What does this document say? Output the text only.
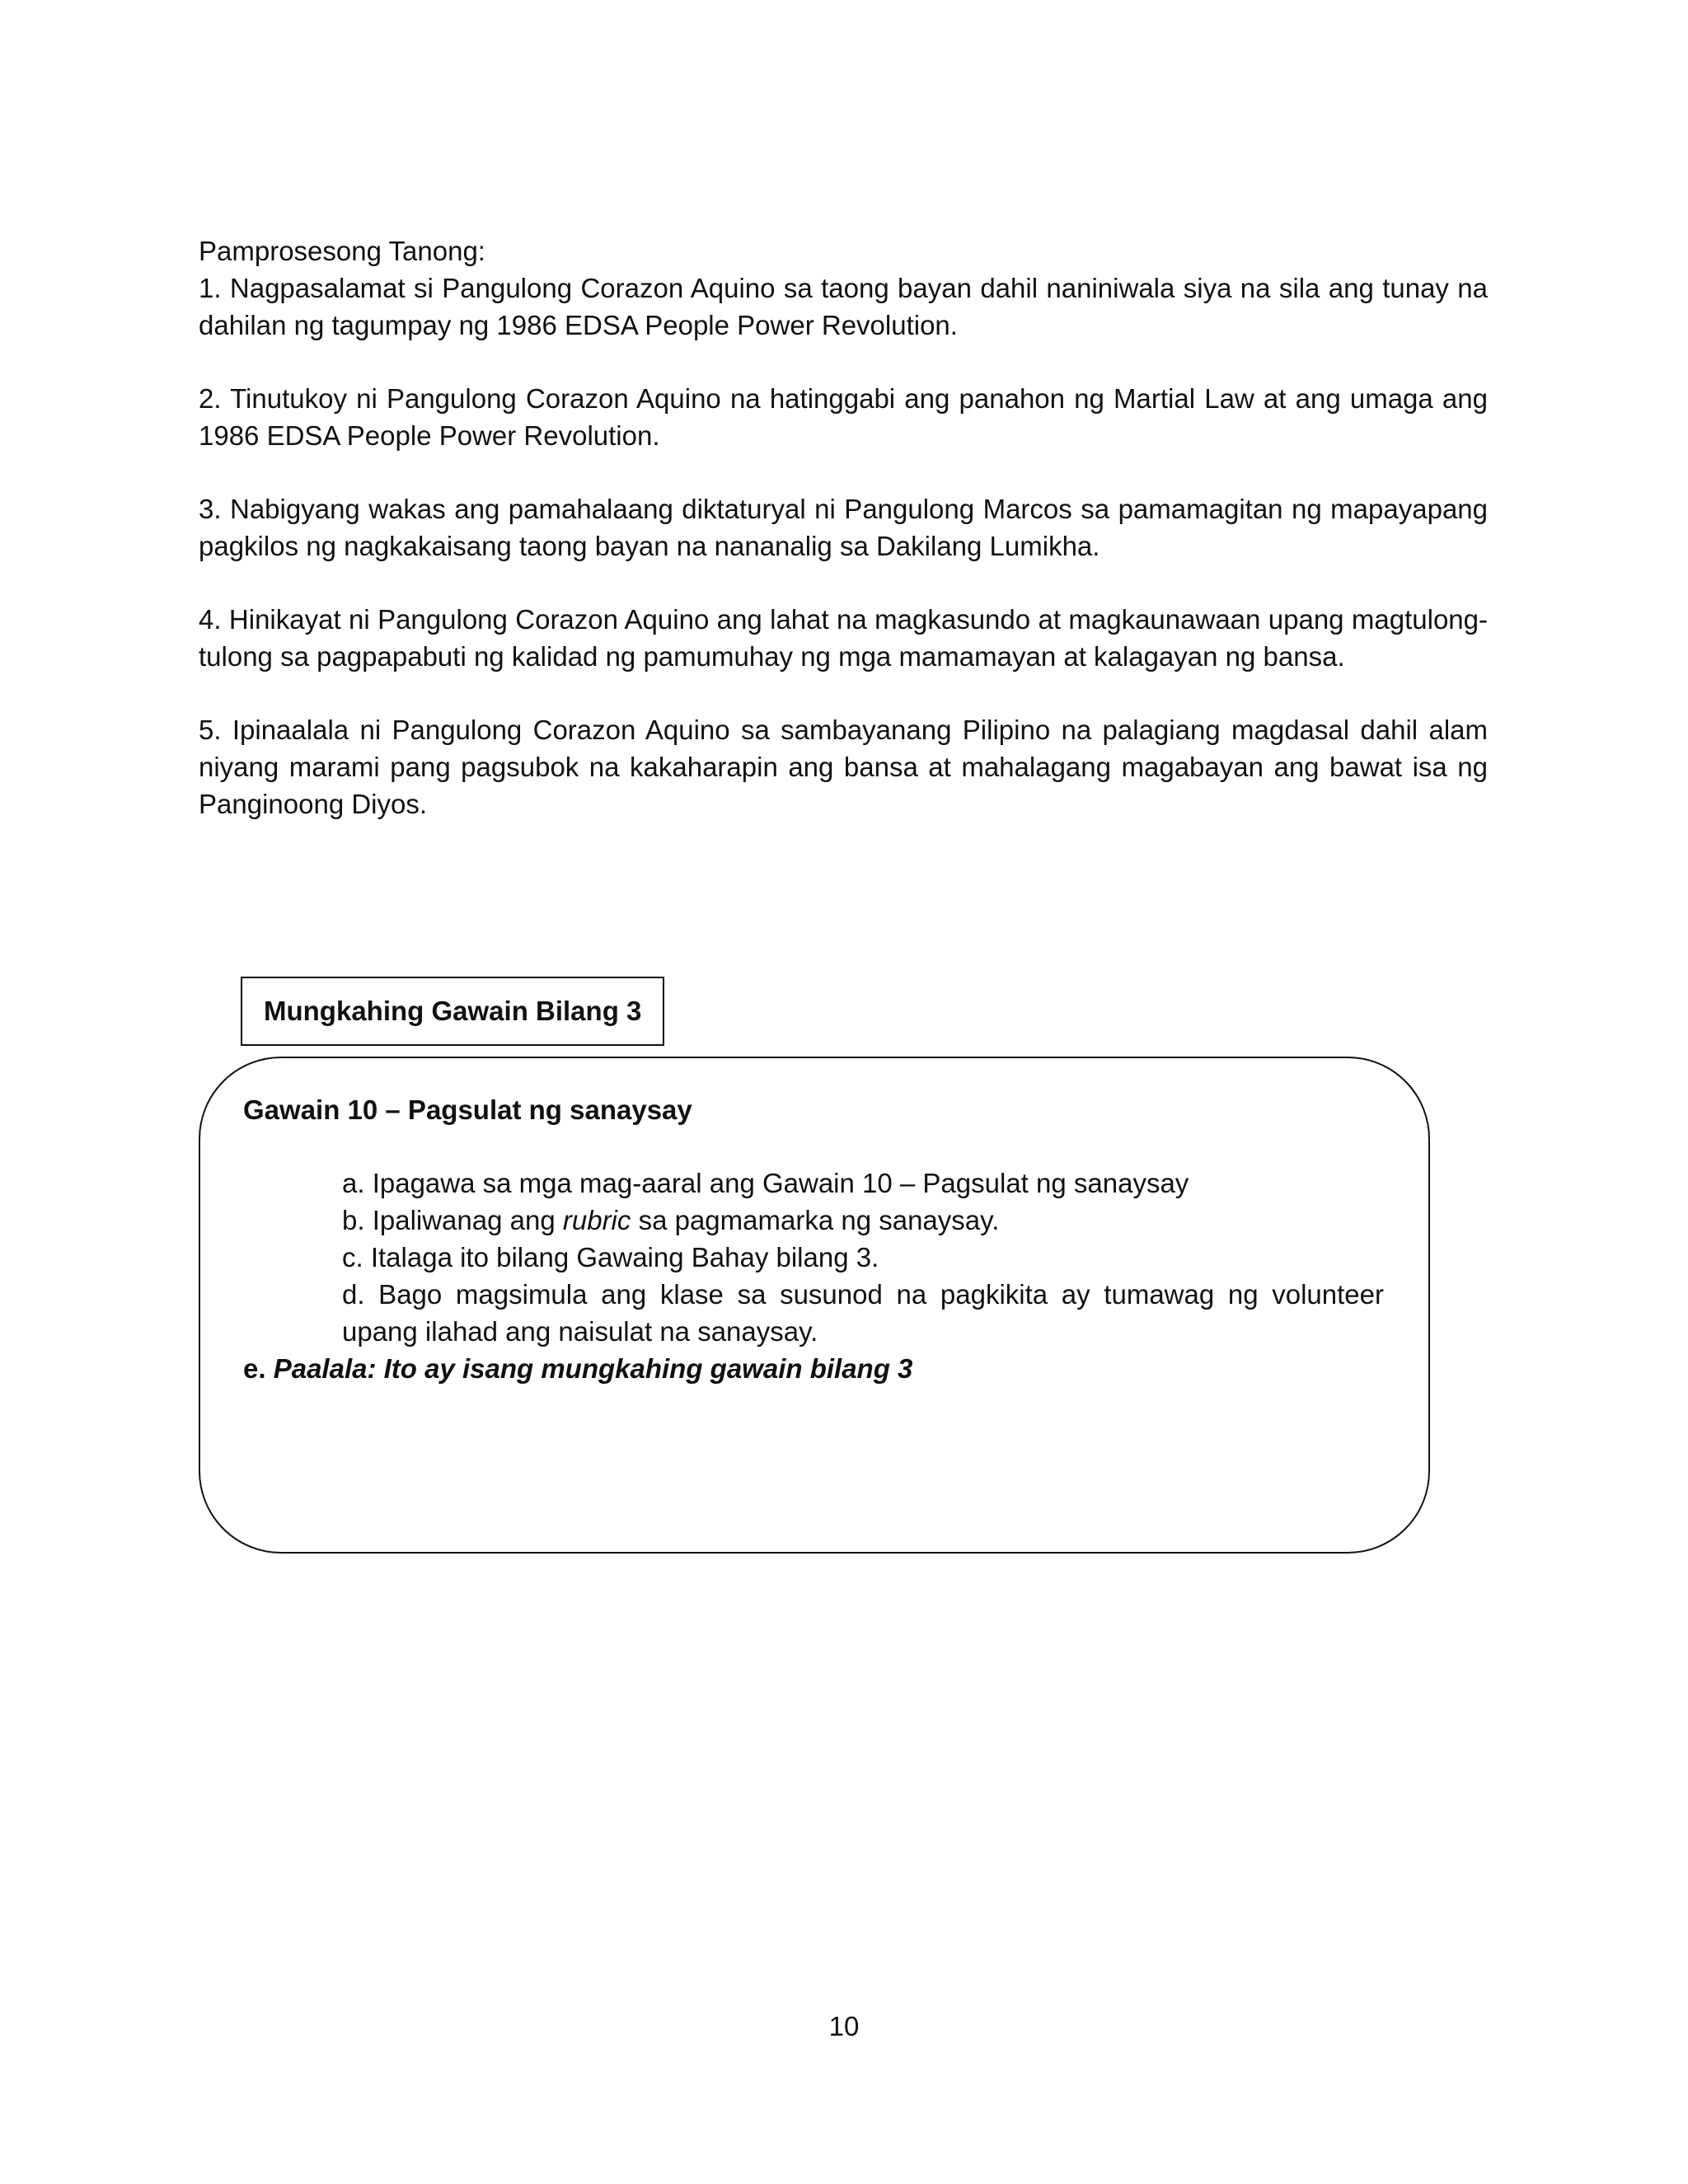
Pamprosesong Tanong:

1. Nagpasalamat si Pangulong Corazon Aquino sa taong bayan dahil naniniwala siya na sila ang tunay na dahilan ng tagumpay ng 1986 EDSA People Power Revolution.

2. Tinutukoy ni Pangulong Corazon Aquino na hatinggabi ang panahon ng Martial Law at ang umaga ang 1986 EDSA People Power Revolution.

3. Nabigyang wakas ang pamahalaang diktaturyal ni Pangulong Marcos sa pamamagitan ng mapayapang pagkilos ng nagkakaisang taong bayan na nananalig sa Dakilang Lumikha.

4. Hinikayat ni Pangulong Corazon Aquino ang lahat na magkasundo at magkaunawaan upang magtulong-tulong sa pagpapabuti ng kalidad ng pamumuhay ng mga mamamayan at kalagayan ng bansa.

5. Ipinaalala ni Pangulong Corazon Aquino sa sambayanang Pilipino na palagiang magdasal dahil alam niyang marami pang pagsubok na kakaharapin ang bansa at mahalagang magabayan ang bawat isa ng Panginoong Diyos.

Gawain 10 – Pagsulat ng sanaysay

a. Ipagawa sa mga mag-aaral ang Gawain 10 – Pagsulat ng sanaysay

b. Ipaliwanag ang rubric sa pagmamarka ng sanaysay.

c. Italaga ito bilang Gawaing Bahay bilang 3.

d. Bago magsimula ang klase sa susunod na pagkikita ay tumawag ng volunteer upang ilahad ang naisulat na sanaysay.

e. Paalala: Ito ay isang mungkahing gawain bilang 3
Mungkahing Gawain Bilang 3
10
